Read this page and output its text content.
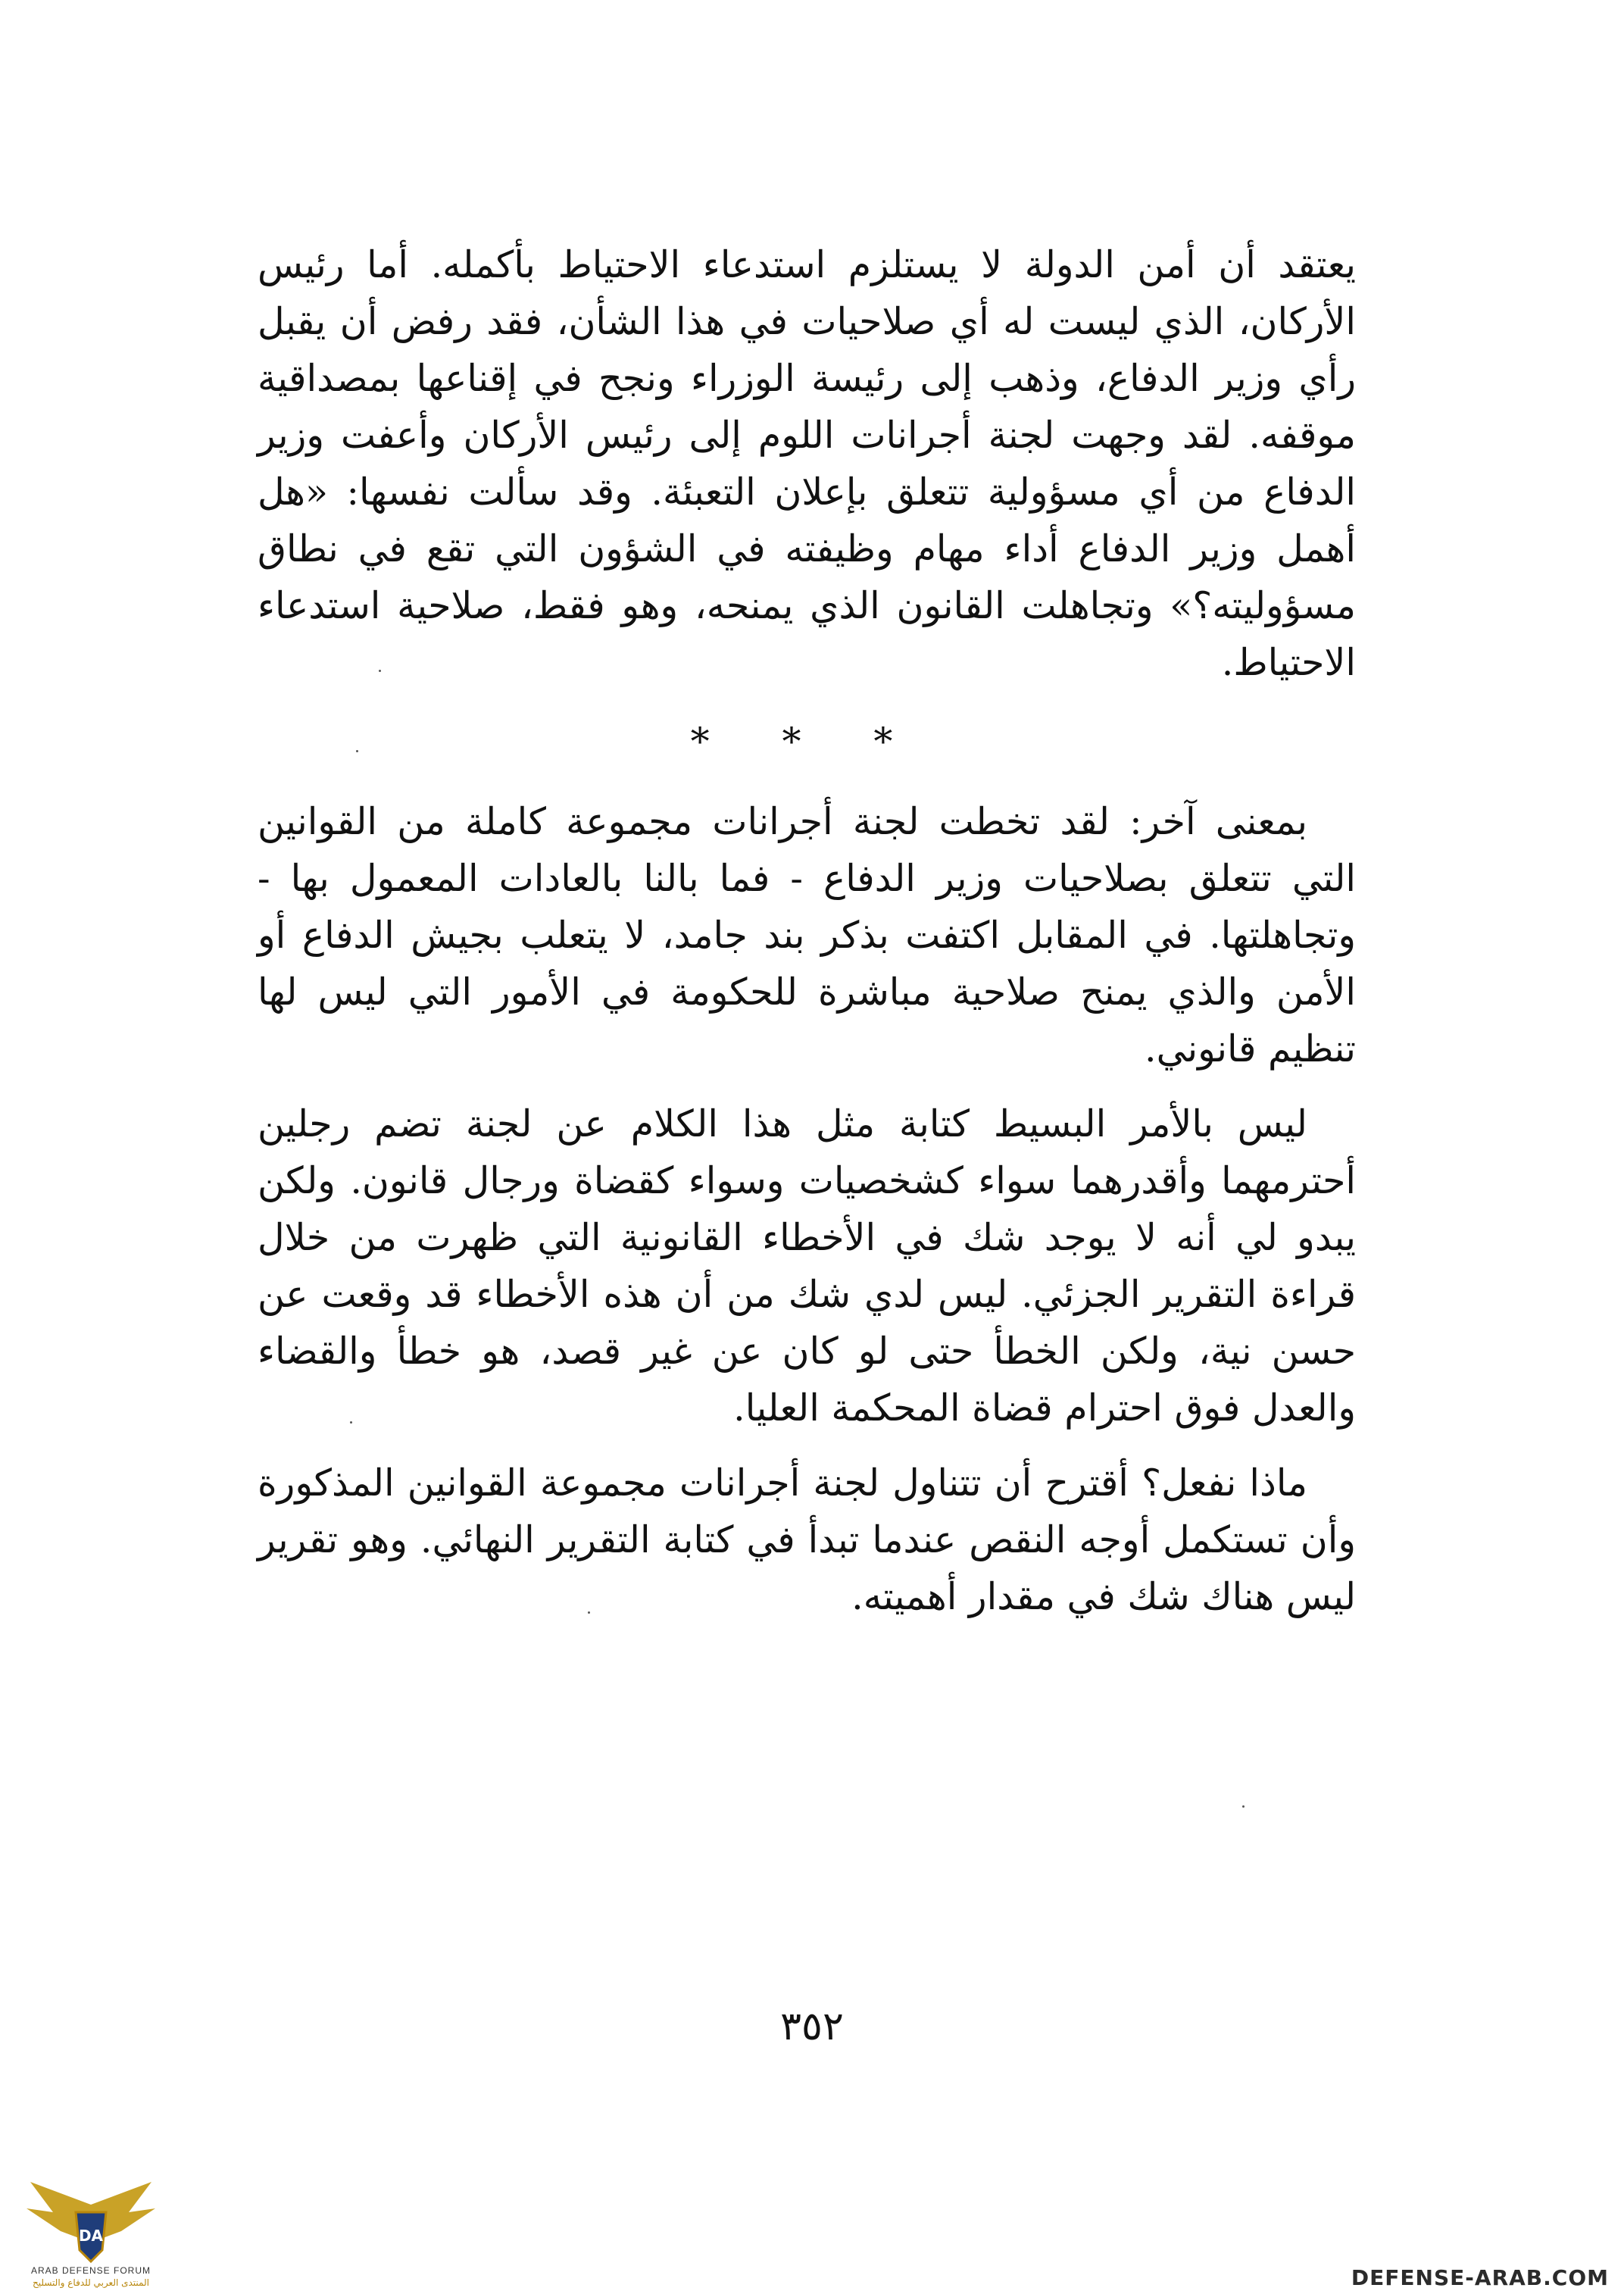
يعتقد أن أمن الدولة لا يستلزم استدعاء الاحتياط بأكمله. أما رئيس الأركان، الذي ليست له أي صلاحيات في هذا الشأن، فقد رفض أن يقبل رأي وزير الدفاع، وذهب إلى رئيسة الوزراء ونجح في إقناعها بمصداقية موقفه. لقد وجهت لجنة أجرانات اللوم إلى رئيس الأركان وأعفت وزير الدفاع من أي مسؤولية تتعلق بإعلان التعبئة. وقد سألت نفسها: «هل أهمل وزير الدفاع أداء مهام وظيفته في الشؤون التي تقع في نطاق مسؤوليته؟» وتجاهلت القانون الذي يمنحه، وهو فقط، صلاحية استدعاء الاحتياط.

* * *

بمعنى آخر: لقد تخطت لجنة أجرانات مجموعة كاملة من القوانين التي تتعلق بصلاحيات وزير الدفاع - فما بالنا بالعادات المعمول بها - وتجاهلتها. في المقابل اكتفت بذكر بند جامد، لا يتعلب بجيش الدفاع أو الأمن والذي يمنح صلاحية مباشرة للحكومة في الأمور التي ليس لها تنظيم قانوني.

ليس بالأمر البسيط كتابة مثل هذا الكلام عن لجنة تضم رجلين أحترمهما وأقدرهما سواء كشخصيات وسواء كقضاة ورجال قانون. ولكن يبدو لي أنه لا يوجد شك في الأخطاء القانونية التي ظهرت من خلال قراءة التقرير الجزئي. ليس لدي شك من أن هذه الأخطاء قد وقعت عن حسن نية، ولكن الخطأ حتى لو كان عن غير قصد، هو خطأ والقضاء والعدل فوق احترام قضاة المحكمة العليا.

ماذا نفعل؟ أقترح أن تتناول لجنة أجرانات مجموعة القوانين المذكورة وأن تستكمل أوجه النقص عندما تبدأ في كتابة التقرير النهائي. وهو تقرير ليس هناك شك في مقدار أهميته.

٣٥٢
DA
ARAB DEFENSE FORUM
المنتدى العربي للدفاع والتسليح	DEFENSE-ARAB.COM
